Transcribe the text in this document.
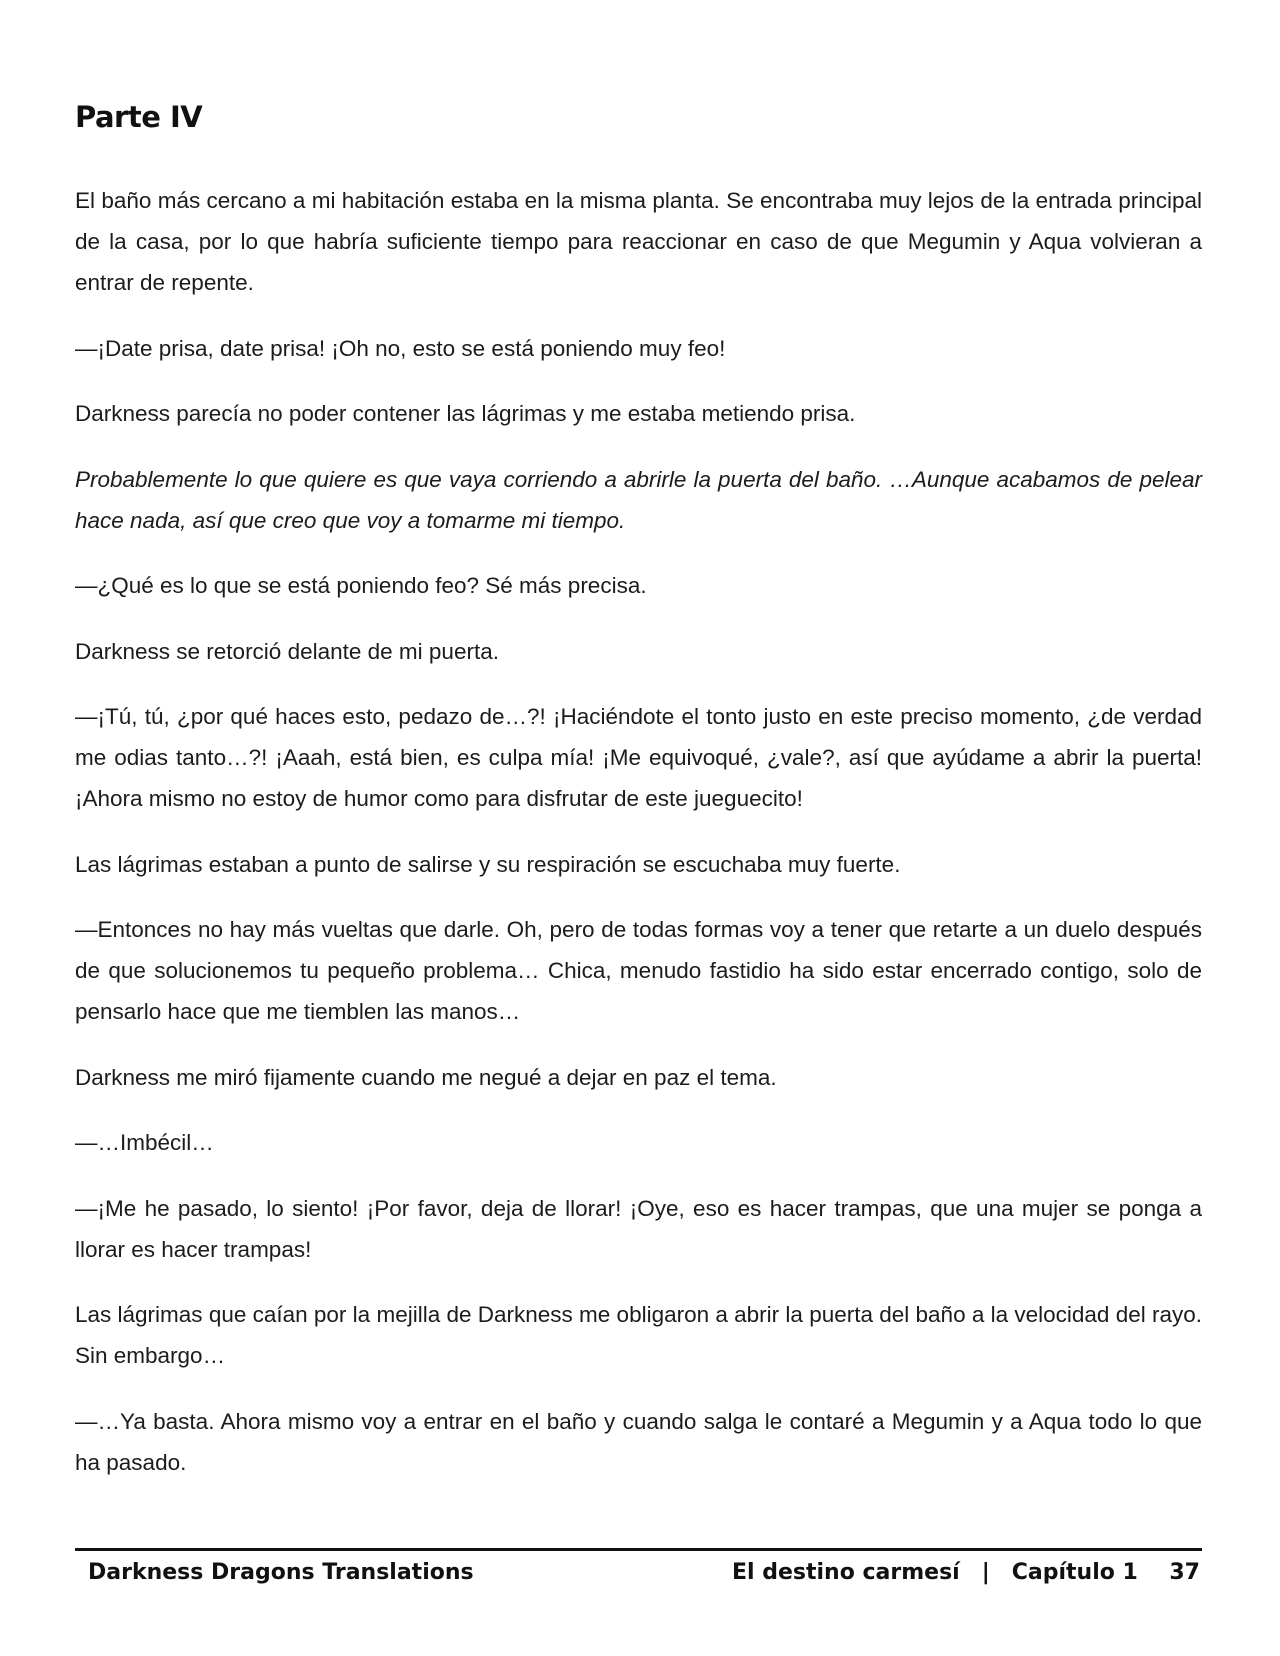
Parte IV

El baño más cercano a mi habitación estaba en la misma planta. Se encontraba muy lejos de la entrada principal de la casa, por lo que habría suficiente tiempo para reaccionar en caso de que Megumin y Aqua volvieran a entrar de repente.

—¡Date prisa, date prisa! ¡Oh no, esto se está poniendo muy feo!

Darkness parecía no poder contener las lágrimas y me estaba metiendo prisa.

Probablemente lo que quiere es que vaya corriendo a abrirle la puerta del baño. …Aunque acabamos de pelear hace nada, así que creo que voy a tomarme mi tiempo.

—¿Qué es lo que se está poniendo feo? Sé más precisa.

Darkness se retorció delante de mi puerta.

—¡Tú, tú, ¿por qué haces esto, pedazo de…?! ¡Haciéndote el tonto justo en este preciso momento, ¿de verdad me odias tanto…?! ¡Aaah, está bien, es culpa mía! ¡Me equivoqué, ¿vale?, así que ayúdame a abrir la puerta! ¡Ahora mismo no estoy de humor como para disfrutar de este jueguecito!

Las lágrimas estaban a punto de salirse y su respiración se escuchaba muy fuerte.

—Entonces no hay más vueltas que darle. Oh, pero de todas formas voy a tener que retarte a un duelo después de que solucionemos tu pequeño problema… Chica, menudo fastidio ha sido estar encerrado contigo, solo de pensarlo hace que me tiemblen las manos…

Darkness me miró fijamente cuando me negué a dejar en paz el tema.

—…Imbécil…

—¡Me he pasado, lo siento! ¡Por favor, deja de llorar! ¡Oye, eso es hacer trampas, que una mujer se ponga a llorar es hacer trampas!

Las lágrimas que caían por la mejilla de Darkness me obligaron a abrir la puerta del baño a la velocidad del rayo. Sin embargo…

—…Ya basta. Ahora mismo voy a entrar en el baño y cuando salga le contaré a Megumin y a Aqua todo lo que ha pasado.

Darkness Dragons Translations	El destino carmesí | Capítulo 1 37
